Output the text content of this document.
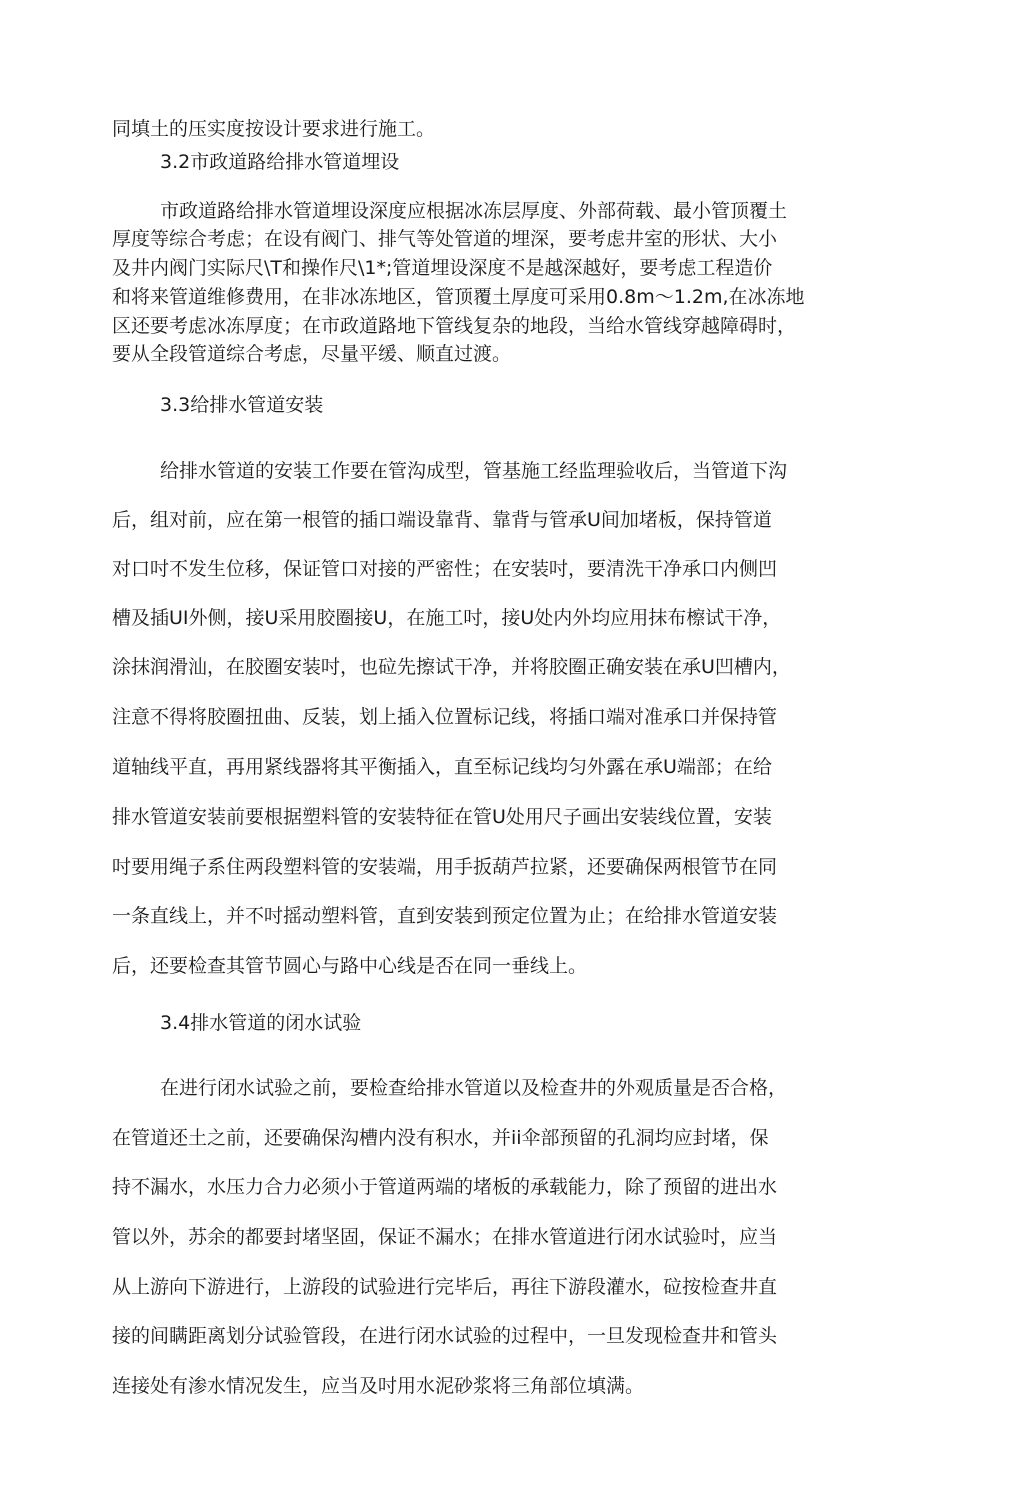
同填土的压实度按设计要求进行施工。
3.2市政道路给排水管道埋设
市政道路给排水管道埋设深度应根据冰冻层厚度、外部荷载、最小管顶覆土
厚度等综合考虑；在设有阀门、排气等处管道的埋深，要考虑井室的形状、大小
及井内阀门实际尺\T和操作尺\1*;管道埋设深度不是越深越好，要考虑工程造价
和将来管道维修费用，在非冰冻地区，管顶覆土厚度可采用0.8m～1.2m,在冰冻地
区还要考虑冰冻厚度；在市政道路地下管线复杂的地段，当给水管线穿越障碍时，
要从全段管道综合考虑，尽量平缓、顺直过渡。
3.3给排水管道安装
给排水管道的安装工作要在管沟成型，管基施工经监理验收后，当管道下沟
后，组对前，应在第一根管的插口端设靠背、靠背与管承U间加堵板，保持管道
对口吋不发生位移，保证管口对接的严密性；在安装吋，要清洗干净承口内侧凹
槽及插UI外侧，接U采用胶圈接U，在施工吋，接U处内外均应用抹布檫试干净，
涂抹润滑汕，在胶圈安装吋，也砬先擦试干净，并将胶圈正确安装在承U凹槽内，
注意不得将胶圈扭曲、反装，划上插入位置标记线，将插口端对准承口并保持管
道轴线平直，再用紧线器将其平衡插入，直至标记线均匀外露在承U端部；在给
排水管道安装前要根据塑料管的安装特征在管U处用尺子画出安装线位置，安装
吋要用绳子系住两段塑料管的安装端，用手扳葫芦拉紧，还要确保两根管节在同
一条直线上，并不吋摇动塑料管，直到安装到预定位置为止；在给排水管道安装
后，还要检查其管节圆心与路中心线是否在同一垂线上。
3.4排水管道的闭水试验
在进行闭水试验之前，要检查给排水管道以及检查井的外观质量是否合格，
在管道还土之前，还要确保沟槽内没有积水，并ii伞部预留的孔洞均应封堵，保
持不漏水，水压力合力必须小于管道两端的堵板的承载能力，除了预留的进出水
管以外，苏余的都要封堵坚固，保证不漏水；在排水管道进行闭水试验吋，应当
从上游向下游进行，上游段的试验进行完毕后，再往下游段灌水，砬按检查井直
接的间瞒距离划分试验管段，在进行闭水试验的过程中，一旦发现检查井和管头
连接处有渗水情况发生，应当及吋用水泥砂浆将三角部位填满。
